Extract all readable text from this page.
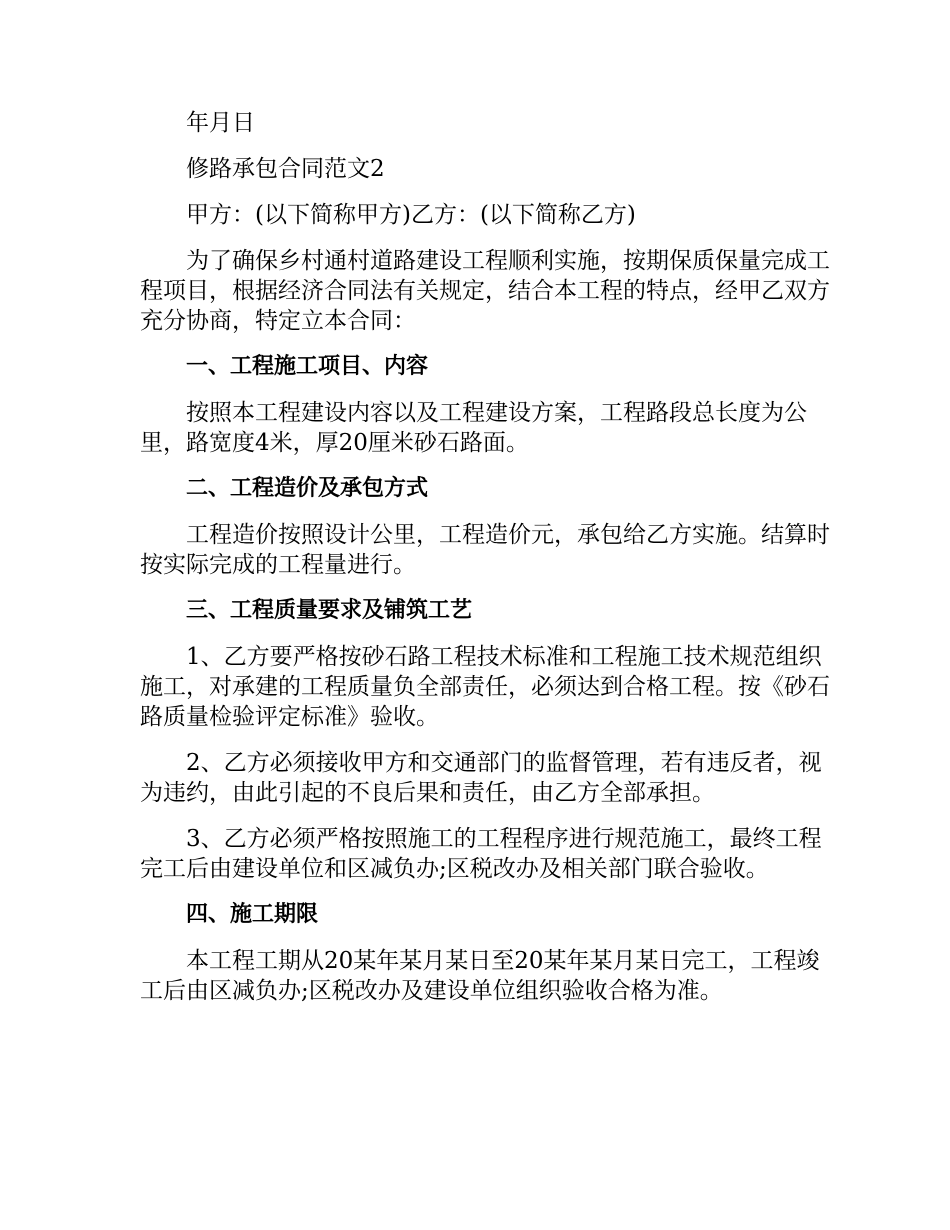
年月日

修路承包合同范文2

甲方：(以下简称甲方)乙方：(以下简称乙方)

为了确保乡村通村道路建设工程顺利实施，按期保质保量完成工程项目，根据经济合同法有关规定，结合本工程的特点，经甲乙双方充分协商，特定立本合同：

一、工程施工项目、内容

按照本工程建设内容以及工程建设方案，工程路段总长度为公里，路宽度4米，厚20厘米砂石路面。

二、工程造价及承包方式

工程造价按照设计公里，工程造价元，承包给乙方实施。结算时按实际完成的工程量进行。

三、工程质量要求及铺筑工艺

1、乙方要严格按砂石路工程技术标准和工程施工技术规范组织施工，对承建的工程质量负全部责任，必须达到合格工程。按《砂石路质量检验评定标准》验收。

2、乙方必须接收甲方和交通部门的监督管理，若有违反者，视为违约，由此引起的不良后果和责任，由乙方全部承担。

3、乙方必须严格按照施工的工程程序进行规范施工，最终工程完工后由建设单位和区减负办;区税改办及相关部门联合验收。

四、施工期限

本工程工期从20某年某月某日至20某年某月某日完工，工程竣工后由区减负办;区税改办及建设单位组织验收合格为准。
